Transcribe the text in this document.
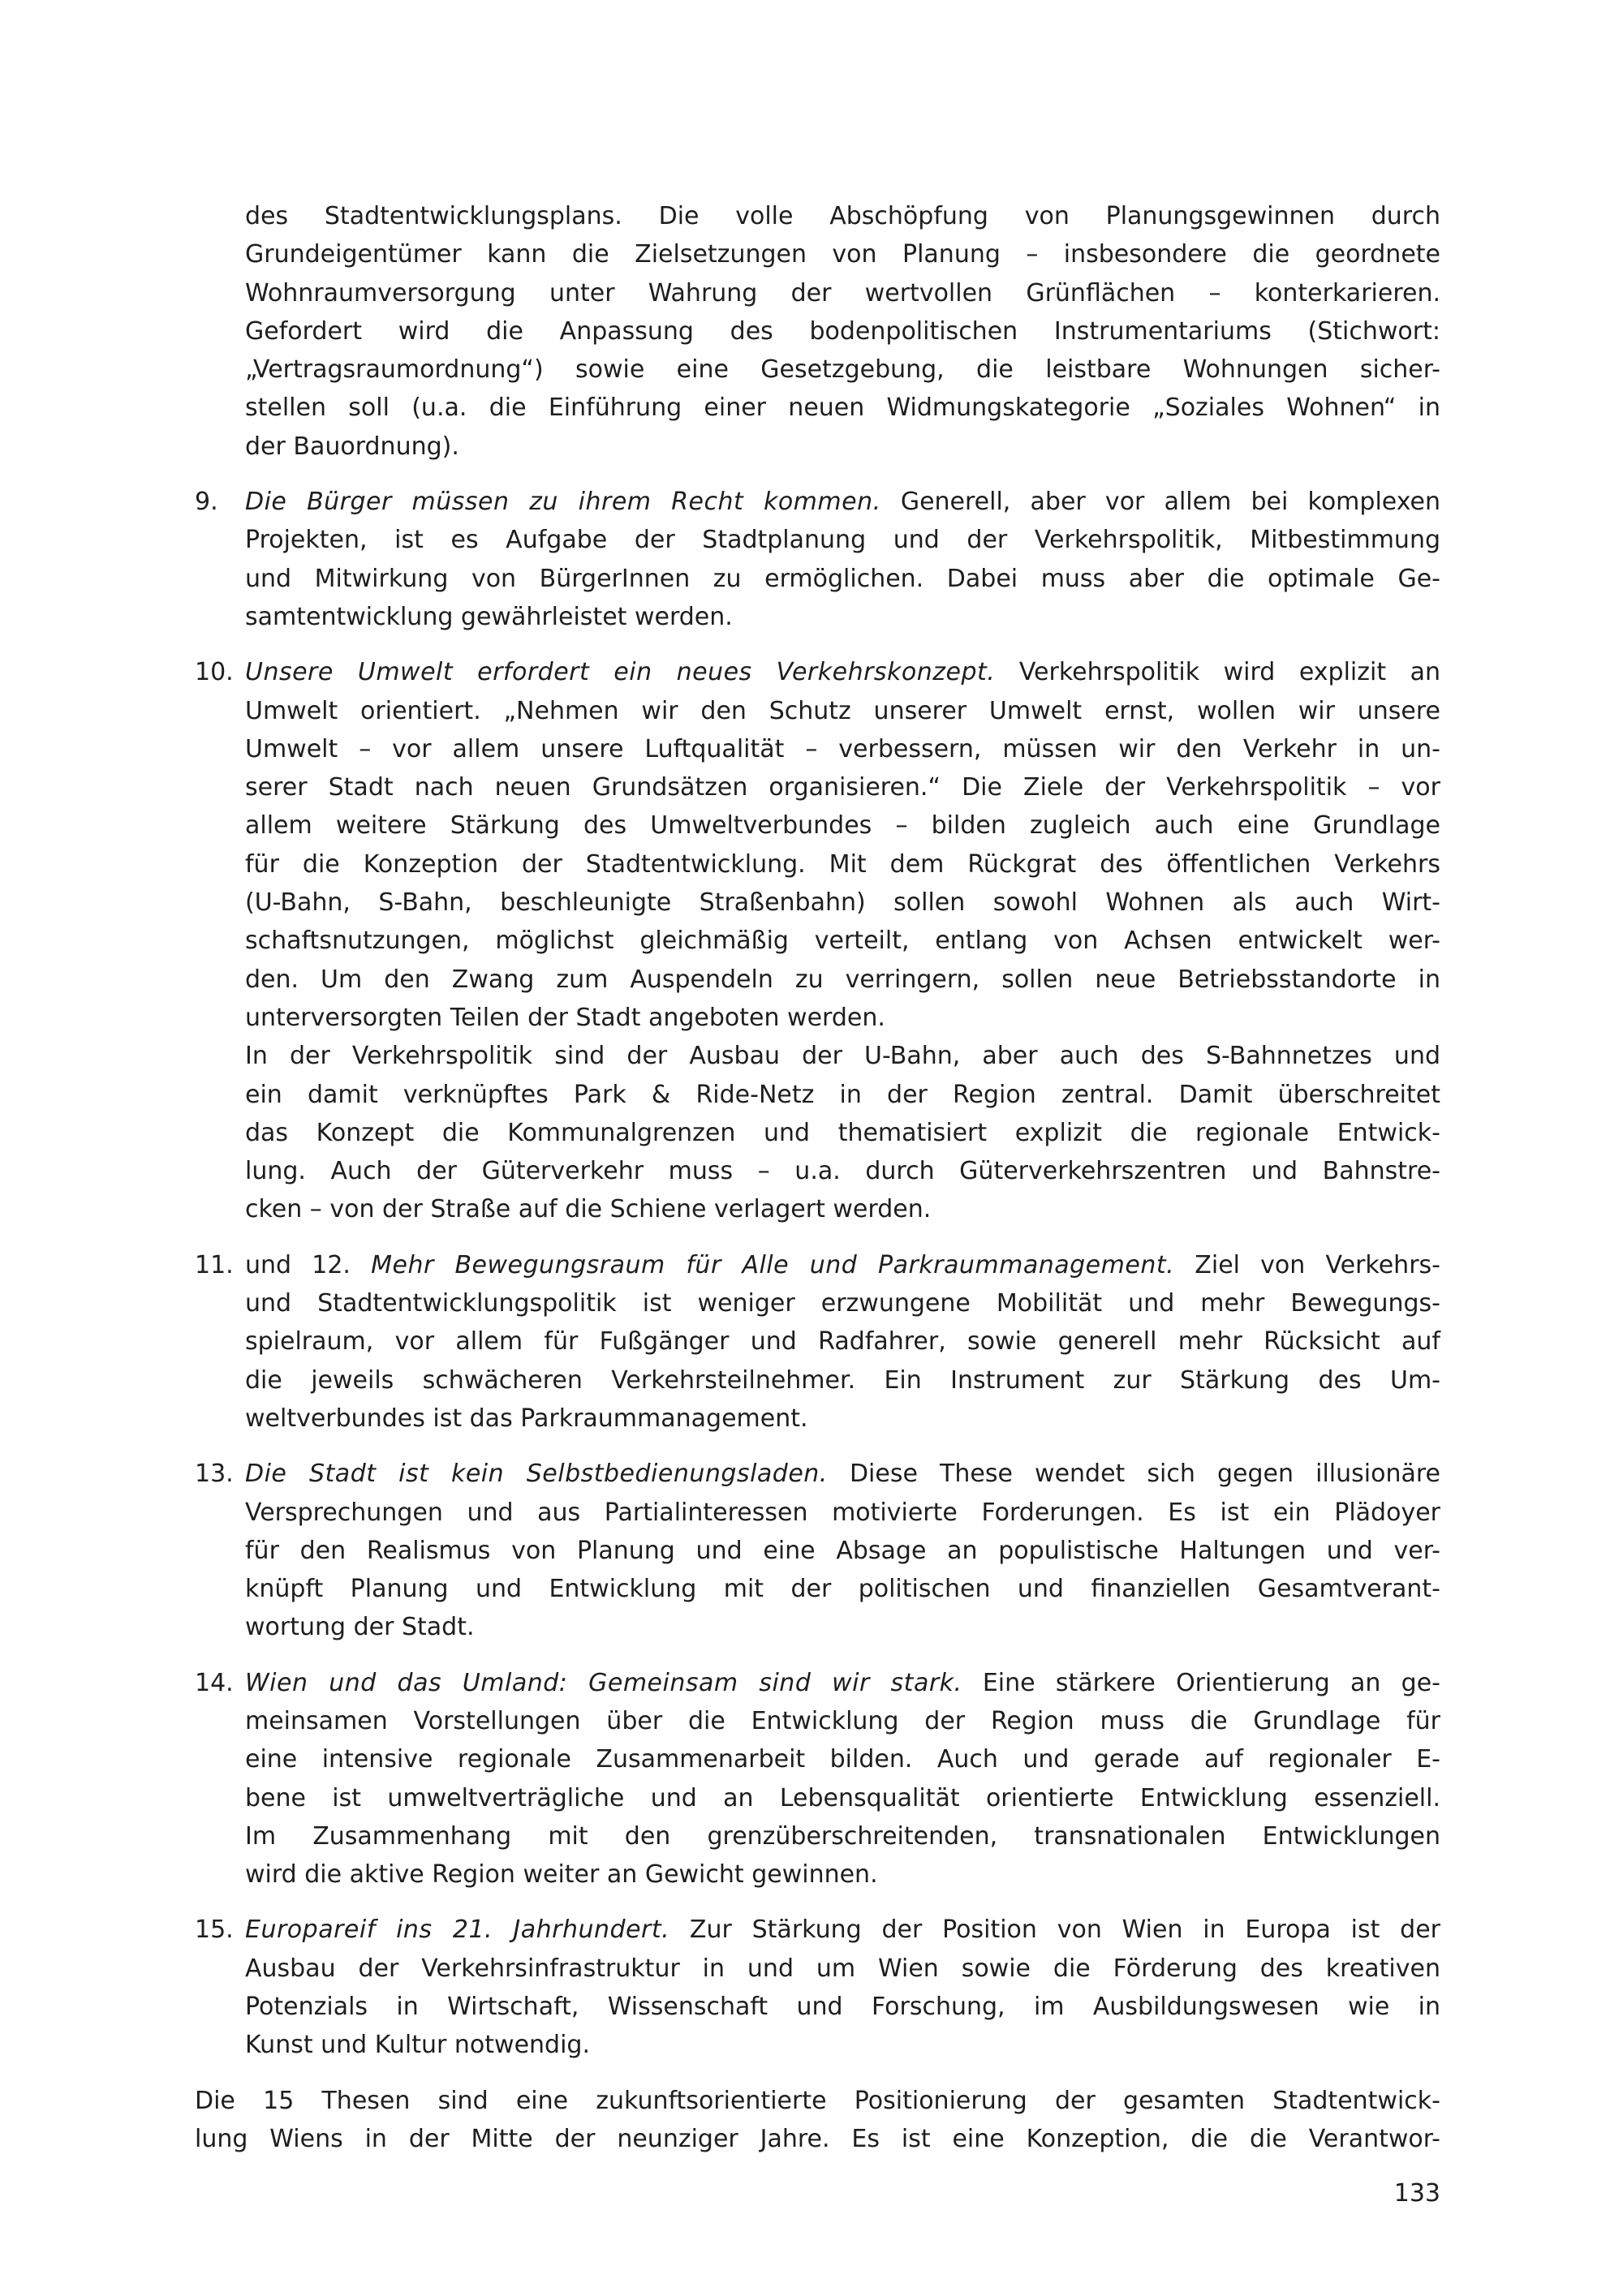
des Stadtentwicklungsplans. Die volle Abschöpfung von Planungsgewinnen durch
Grundeigentümer kann die Zielsetzungen von Planung – insbesondere die geordnete
Wohnraumversorgung unter Wahrung der wertvollen Grünflächen – konterkarieren.
Gefordert wird die Anpassung des bodenpolitischen Instrumentariums (Stichwort:
„Vertragsraumordnung“) sowie eine Gesetzgebung, die leistbare Wohnungen sicher-
stellen soll (u.a. die Einführung einer neuen Widmungskategorie „Soziales Wohnen“ in
der Bauordnung).
9. Die Bürger müssen zu ihrem Recht kommen. Generell, aber vor allem bei komplexen
Projekten, ist es Aufgabe der Stadtplanung und der Verkehrspolitik, Mitbestimmung
und Mitwirkung von BürgerInnen zu ermöglichen. Dabei muss aber die optimale Ge-
samtentwicklung gewährleistet werden.
10. Unsere Umwelt erfordert ein neues Verkehrskonzept. Verkehrspolitik wird explizit an
Umwelt orientiert. „Nehmen wir den Schutz unserer Umwelt ernst, wollen wir unsere
Umwelt – vor allem unsere Luftqualität – verbessern, müssen wir den Verkehr in un-
serer Stadt nach neuen Grundsätzen organisieren.“ Die Ziele der Verkehrspolitik – vor
allem weitere Stärkung des Umweltverbundes – bilden zugleich auch eine Grundlage
für die Konzeption der Stadtentwicklung. Mit dem Rückgrat des öffentlichen Verkehrs
(U-Bahn, S-Bahn, beschleunigte Straßenbahn) sollen sowohl Wohnen als auch Wirt-
schaftsnutzungen, möglichst gleichmäßig verteilt, entlang von Achsen entwickelt wer-
den. Um den Zwang zum Auspendeln zu verringern, sollen neue Betriebsstandorte in
unterversorgten Teilen der Stadt angeboten werden.
In der Verkehrspolitik sind der Ausbau der U-Bahn, aber auch des S-Bahnnetzes und
ein damit verknüpftes Park & Ride-Netz in der Region zentral. Damit überschreitet
das Konzept die Kommunalgrenzen und thematisiert explizit die regionale Entwick-
lung. Auch der Güterverkehr muss – u.a. durch Güterverkehrszentren und Bahnstre-
cken – von der Straße auf die Schiene verlagert werden.
11. und 12. Mehr Bewegungsraum für Alle und Parkraummanagement. Ziel von Verkehrs-
und Stadtentwicklungspolitik ist weniger erzwungene Mobilität und mehr Bewegungs-
spielraum, vor allem für Fußgänger und Radfahrer, sowie generell mehr Rücksicht auf
die jeweils schwächeren Verkehrsteilnehmer. Ein Instrument zur Stärkung des Um-
weltverbundes ist das Parkraummanagement.
13. Die Stadt ist kein Selbstbedienungsladen. Diese These wendet sich gegen illusionäre
Versprechungen und aus Partialinteressen motivierte Forderungen. Es ist ein Plädoyer
für den Realismus von Planung und eine Absage an populistische Haltungen und ver-
knüpft Planung und Entwicklung mit der politischen und finanziellen Gesamtverant-
wortung der Stadt.
14. Wien und das Umland: Gemeinsam sind wir stark. Eine stärkere Orientierung an ge-
meinsamen Vorstellungen über die Entwicklung der Region muss die Grundlage für
eine intensive regionale Zusammenarbeit bilden. Auch und gerade auf regionaler E-
bene ist umweltverträgliche und an Lebensqualität orientierte Entwicklung essenziell.
Im Zusammenhang mit den grenzüberschreitenden, transnationalen Entwicklungen
wird die aktive Region weiter an Gewicht gewinnen.
15. Europareif ins 21. Jahrhundert. Zur Stärkung der Position von Wien in Europa ist der
Ausbau der Verkehrsinfrastruktur in und um Wien sowie die Förderung des kreativen
Potenzials in Wirtschaft, Wissenschaft und Forschung, im Ausbildungswesen wie in
Kunst und Kultur notwendig.
Die 15 Thesen sind eine zukunftsorientierte Positionierung der gesamten Stadtentwick-
lung Wiens in der Mitte der neunziger Jahre. Es ist eine Konzeption, die die Verantwor-
133
